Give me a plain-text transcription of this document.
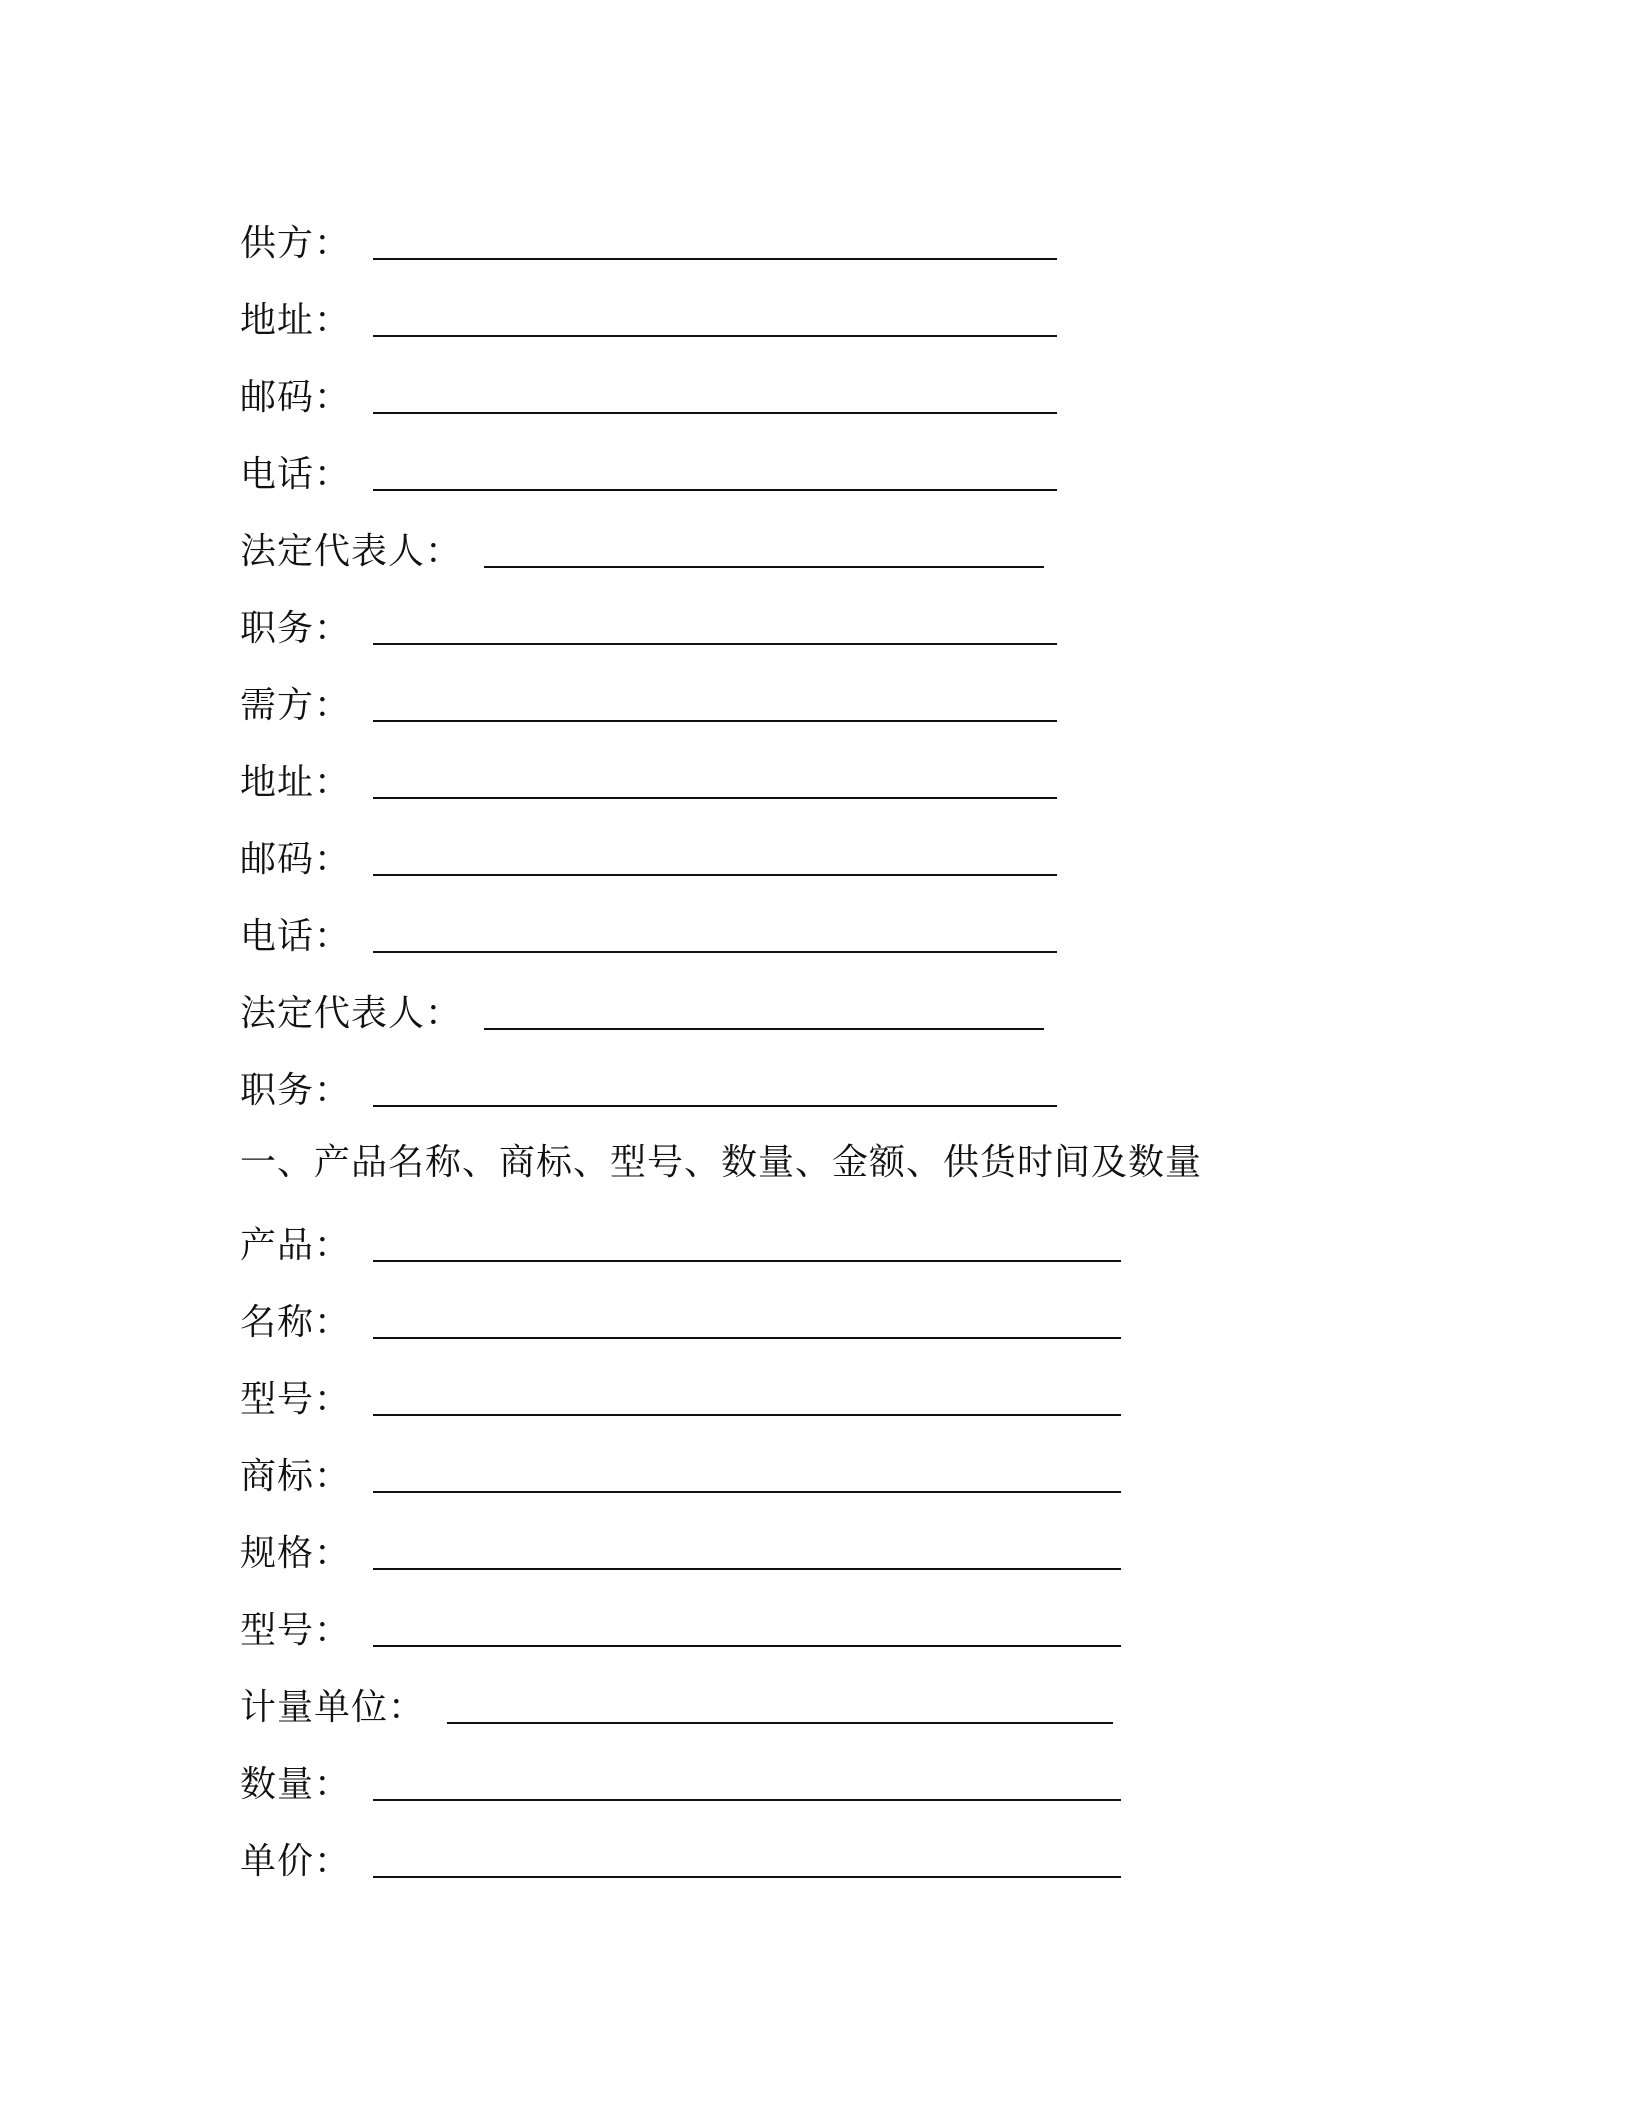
供方：
地址：
邮码：
电话：
法定代表人：
职务：
需方：
地址：
邮码：
电话：
法定代表人：
职务：
一、产品名称、商标、型号、数量、金额、供货时间及数量
产品：
名称：
型号：
商标：
规格：
型号：
计量单位：
数量：
单价：
